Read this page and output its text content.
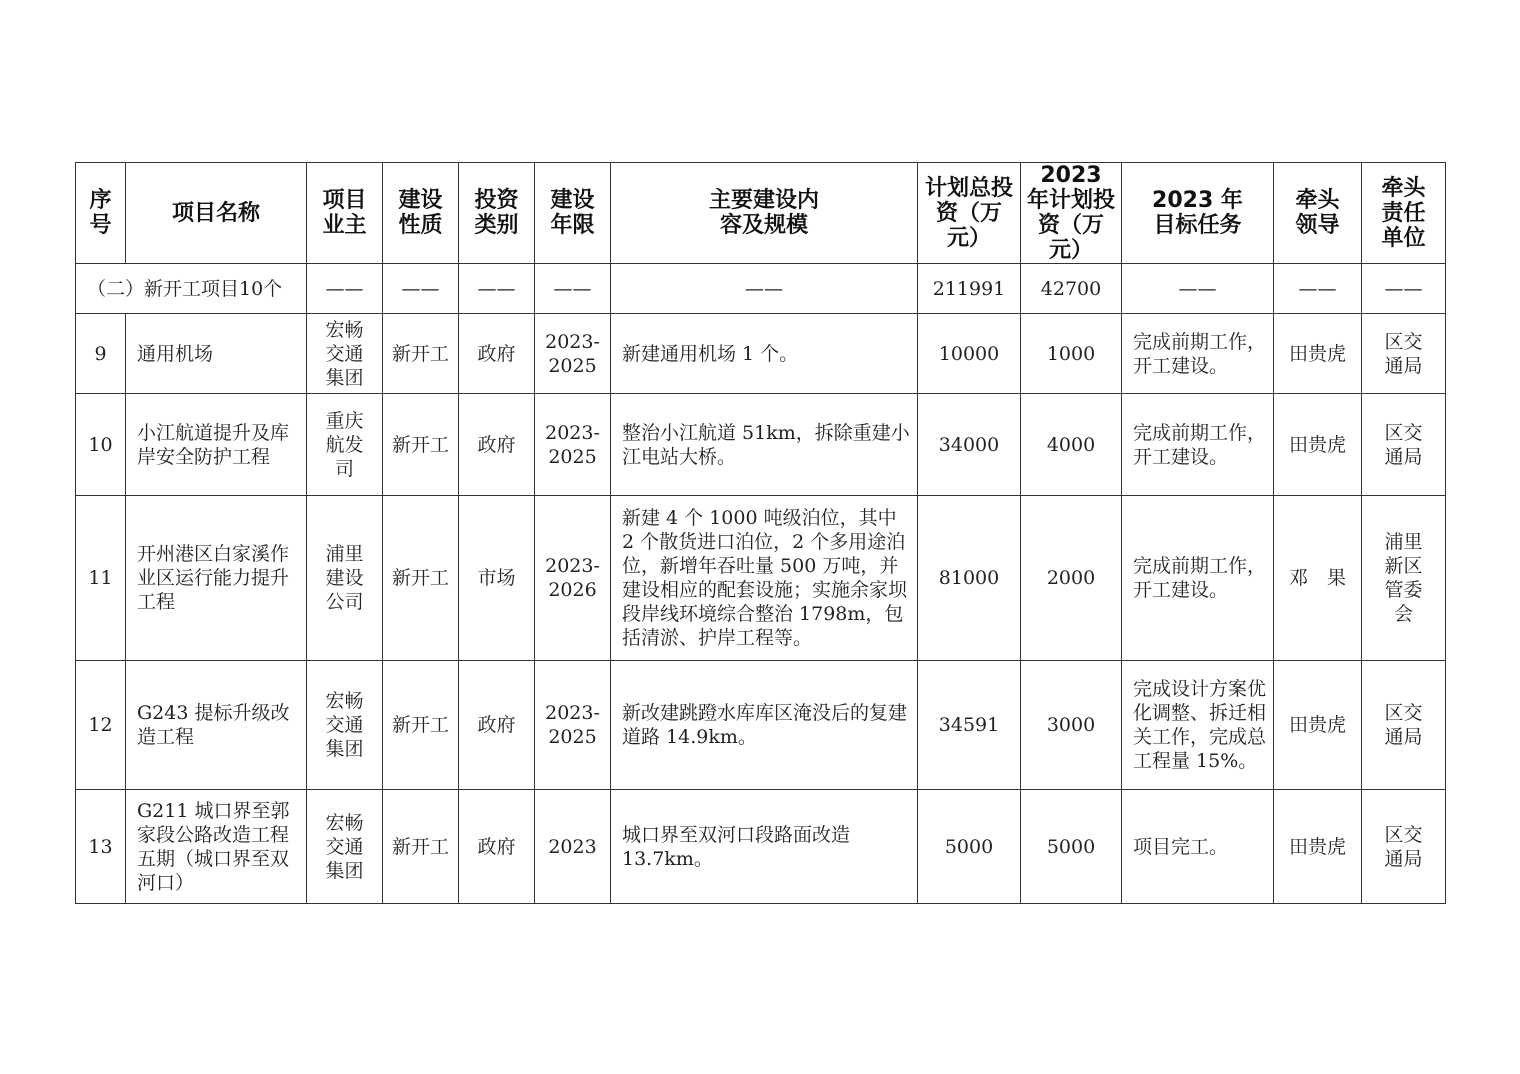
序号	项目名称	项目业主	建设性质	投资类别	建设年限	主要建设内容及规模	计划总投资（万元）	2023 年计划投资（万元）	2023 年目标任务	牵头领导	牵头责任单位
（二）新开工项目10个		——	——	——	——	——	211991	42700	——	——	——
9	通用机场	宏畅交通集团	新开工	政府	2023-2025	新建通用机场 1 个。	10000	1000	完成前期工作，开工建设。	田贵虎	区交通局
10	小江航道提升及库岸安全防护工程	重庆航发司	新开工	政府	2023-2025	整治小江航道 51km，拆除重建小江电站大桥。	34000	4000	完成前期工作，开工建设。	田贵虎	区交通局
11	开州港区白家溪作业区运行能力提升工程	浦里建设公司	新开工	市场	2023-2026	新建 4 个 1000 吨级泊位，其中 2 个散货进口泊位，2 个多用途泊位，新增年吞吐量 500 万吨，并建设相应的配套设施；实施余家坝段岸线环境综合整治 1798m，包括清淤、护岸工程等。	81000	2000	完成前期工作，开工建设。	邓　果	浦里新区管委会
12	G243 提标升级改造工程	宏畅交通集团	新开工	政府	2023-2025	新改建跳蹬水库库区淹没后的复建道路 14.9km。	34591	3000	完成设计方案优化调整、拆迁相关工作，完成总工程量 15%。	田贵虎	区交通局
13	G211 城口界至郭家段公路改造工程五期（城口界至双河口）	宏畅交通集团	新开工	政府	2023	城口界至双河口段路面改造 13.7km。	5000	5000	项目完工。	田贵虎	区交通局
